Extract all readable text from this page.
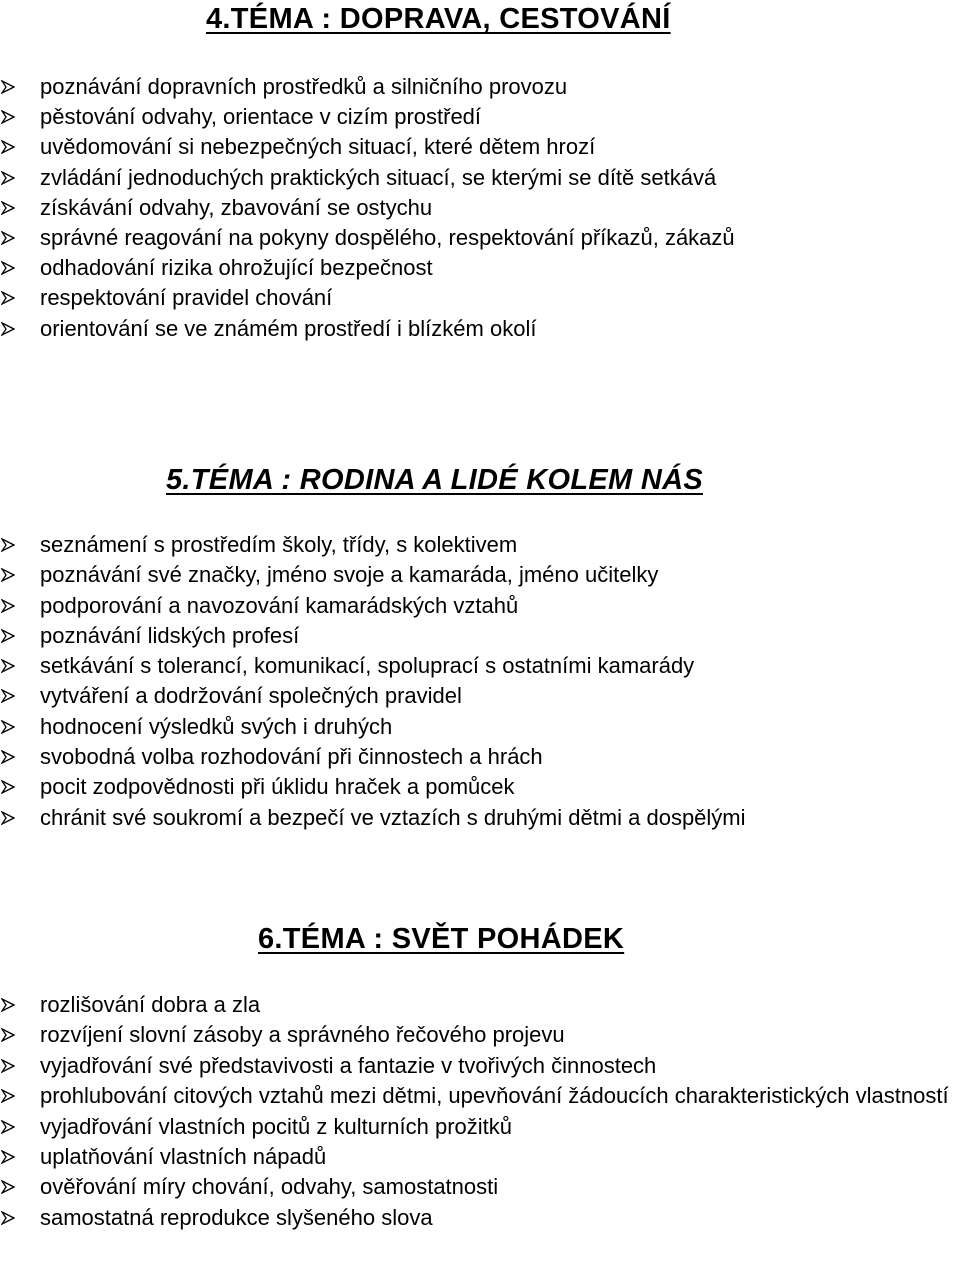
4.TÉMA : DOPRAVA, CESTOVÁNÍ
poznávání dopravních prostředků a silničního provozu
pěstování odvahy, orientace v cizím prostředí
uvědomování si nebezpečných situací, které dětem hrozí
zvládání jednoduchých praktických situací, se kterými se dítě setkává
získávání odvahy, zbavování se ostychu
správné reagování na pokyny dospělého, respektování příkazů, zákazů
odhadování rizika ohrožující bezpečnost
respektování pravidel chování
orientování se ve známém prostředí i blízkém okolí
5.TÉMA : RODINA A LIDÉ KOLEM NÁS
seznámení s prostředím školy, třídy, s kolektivem
poznávání své značky, jméno svoje a kamaráda, jméno učitelky
podporování a navozování kamarádských vztahů
poznávání lidských profesí
setkávání s tolerancí, komunikací, spoluprací s ostatními kamarády
vytváření a dodržování společných pravidel
hodnocení výsledků svých i druhých
svobodná volba rozhodování při činnostech a hrách
pocit zodpovědnosti při úklidu hraček a pomůcek
chránit své soukromí a bezpečí ve vztazích s druhými dětmi a dospělými
6.TÉMA : SVĚT POHÁDEK
rozlišování dobra a zla
rozvíjení slovní zásoby a správného řečového projevu
vyjadřování své představivosti a fantazie v tvořivých činnostech
prohlubování citových vztahů mezi dětmi, upevňování žádoucích charakteristických vlastností
vyjadřování vlastních pocitů z kulturních prožitků
uplatňování vlastních nápadů
ověřování míry chování, odvahy, samostatnosti
samostatná reprodukce slyšeného slova
